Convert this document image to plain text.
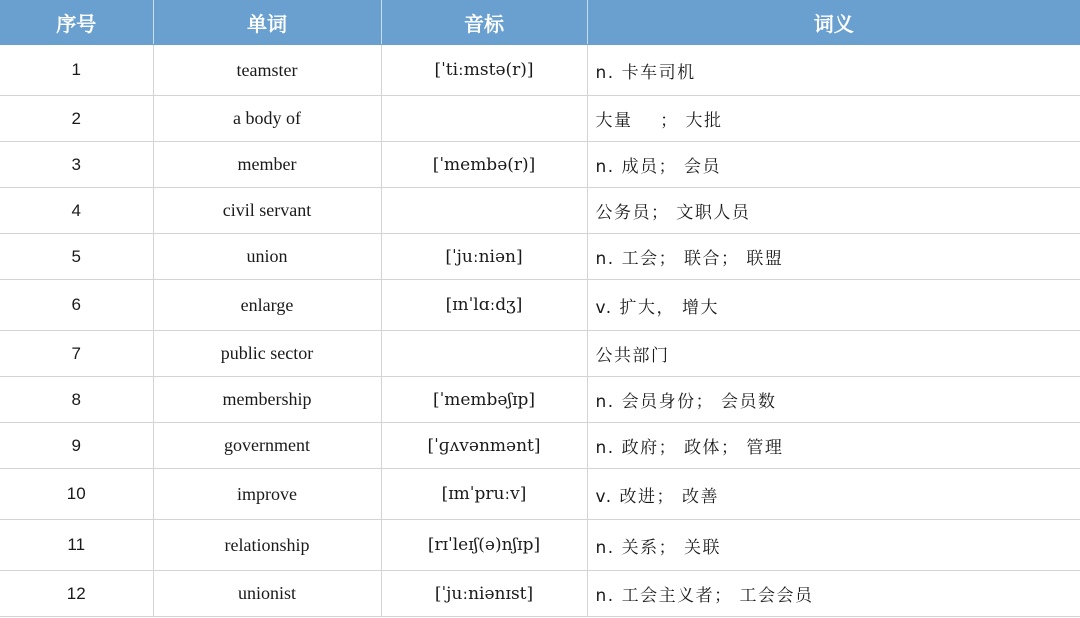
序号	单词	音标	词义
1	teamster	[ˈtiːmstə(r)]	n. 卡车司机
2	a body of		大量    ； 大批
3	member	[ˈmembə(r)]	n. 成员； 会员
4	civil servant		公务员； 文职人员
5	union	[ˈjuːniən]	n. 工会； 联合； 联盟
6	enlarge	[ɪnˈlɑːdʒ]	v. 扩大， 增大
7	public sector		公共部门
8	membership	[ˈmembəʃɪp]	n. 会员身份； 会员数
9	government	[ˈɡʌvənmənt]	n. 政府； 政体； 管理
10	improve	[ɪmˈpruːv]	v. 改进； 改善
11	relationship	[rɪˈleɪʃ(ə)nʃɪp]	n. 关系； 关联
12	unionist	[ˈjuːniənɪst]	n. 工会主义者； 工会会员
